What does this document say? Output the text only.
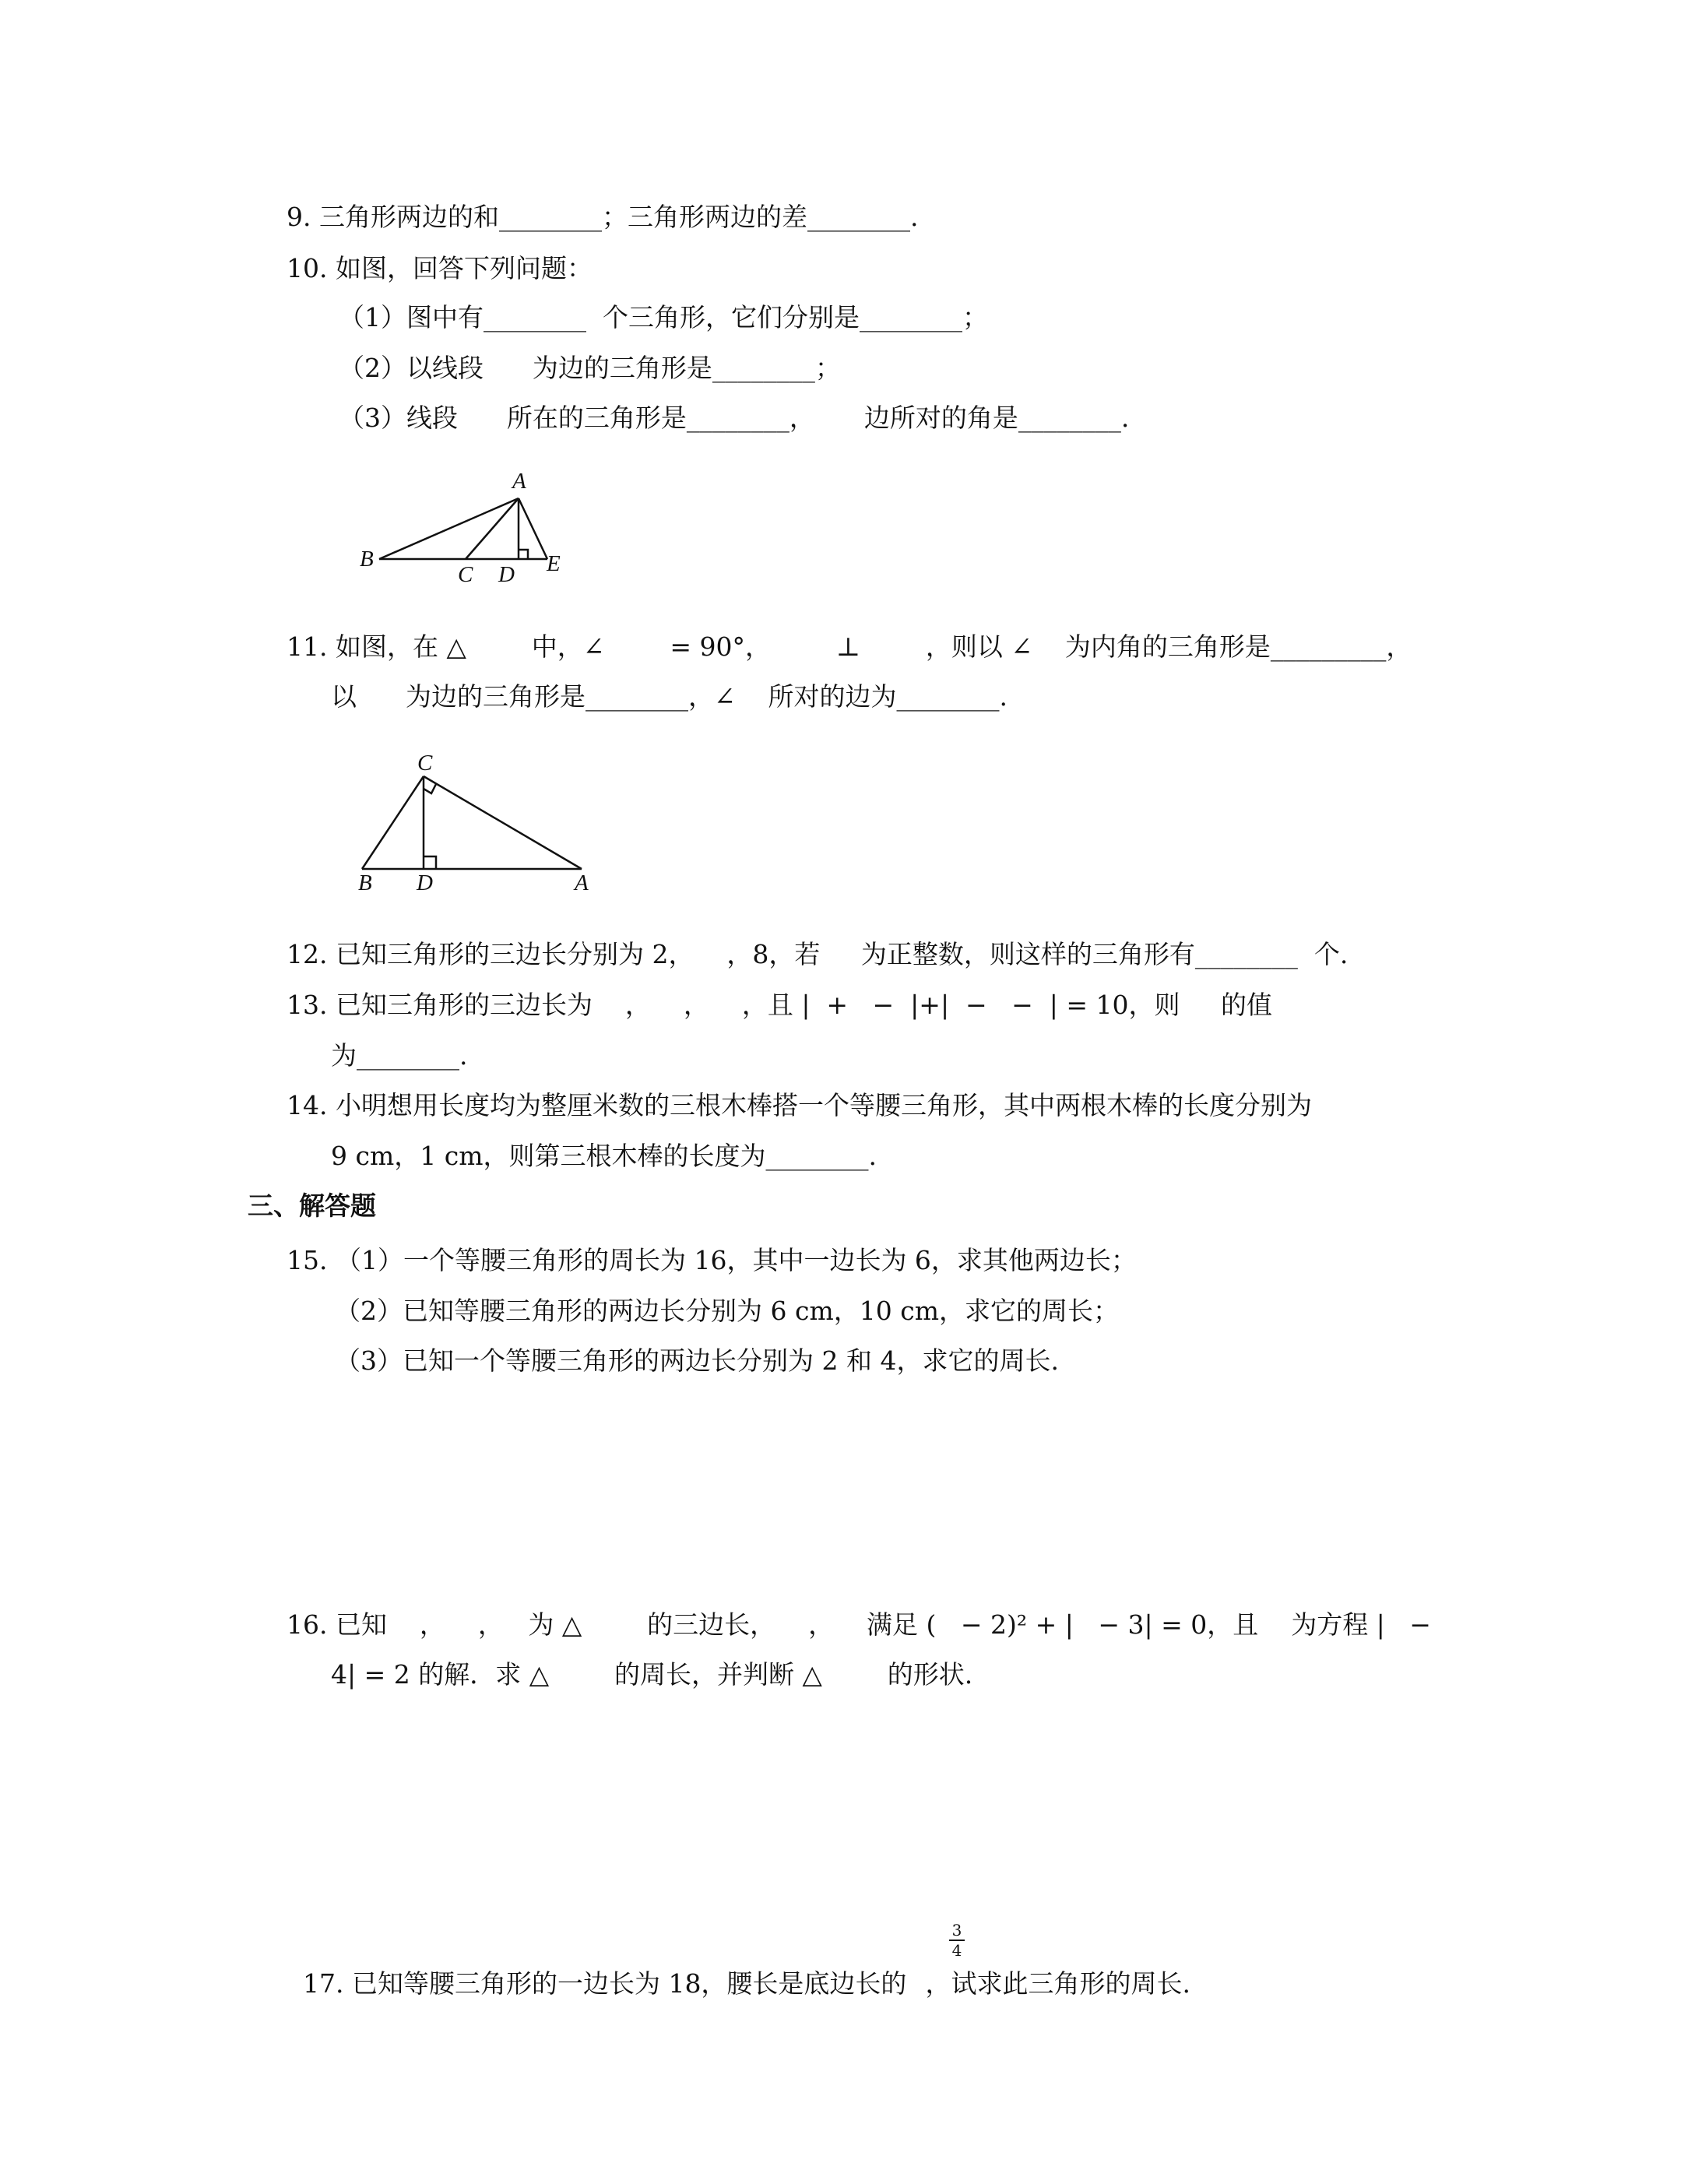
9. 三角形两边的和________；三角形两边的差________.
10. 如图，回答下列问题：
（1）图中有________  个三角形，它们分别是________；
（2）以线段      为边的三角形是________；
（3）线段      所在的三角形是________，      边所对的角是________.
A
B
C D E
11. 如图，在 △        中，∠        = 90°，        ⊥        ，则以 ∠    为内角的三角形是_________，
以      为边的三角形是________，∠    所对的边为________.
C
B D	A
12. 已知三角形的三边长分别为 2，    ，8，若     为正整数，则这样的三角形有________  个.
13. 已知三角形的三边长为    ，    ，    ，且 |  +   −  |+|  −   −  | = 10，则     的值
为________.
14. 小明想用长度均为整厘米数的三根木棒搭一个等腰三角形，其中两根木棒的长度分别为
9 cm，1 cm，则第三根木棒的长度为________.
三、解答题
15. （1）一个等腰三角形的周长为 16，其中一边长为 6，求其他两边长；
（2）已知等腰三角形的两边长分别为 6 cm，10 cm，求它的周长；
（3）已知一个等腰三角形的两边长分别为 2 和 4，求它的周长.
16. 已知    ，    ，   为 △        的三边长，    ，    满足 (   − 2)² + |   − 3| = 0，且    为方程 |   −
4| = 2 的解．求 △        的周长，并判断 △        的形状.

17. 已知等腰三角形的一边长为 18，腰长是底边长的 ，试求此三角形的周长.

3
4
